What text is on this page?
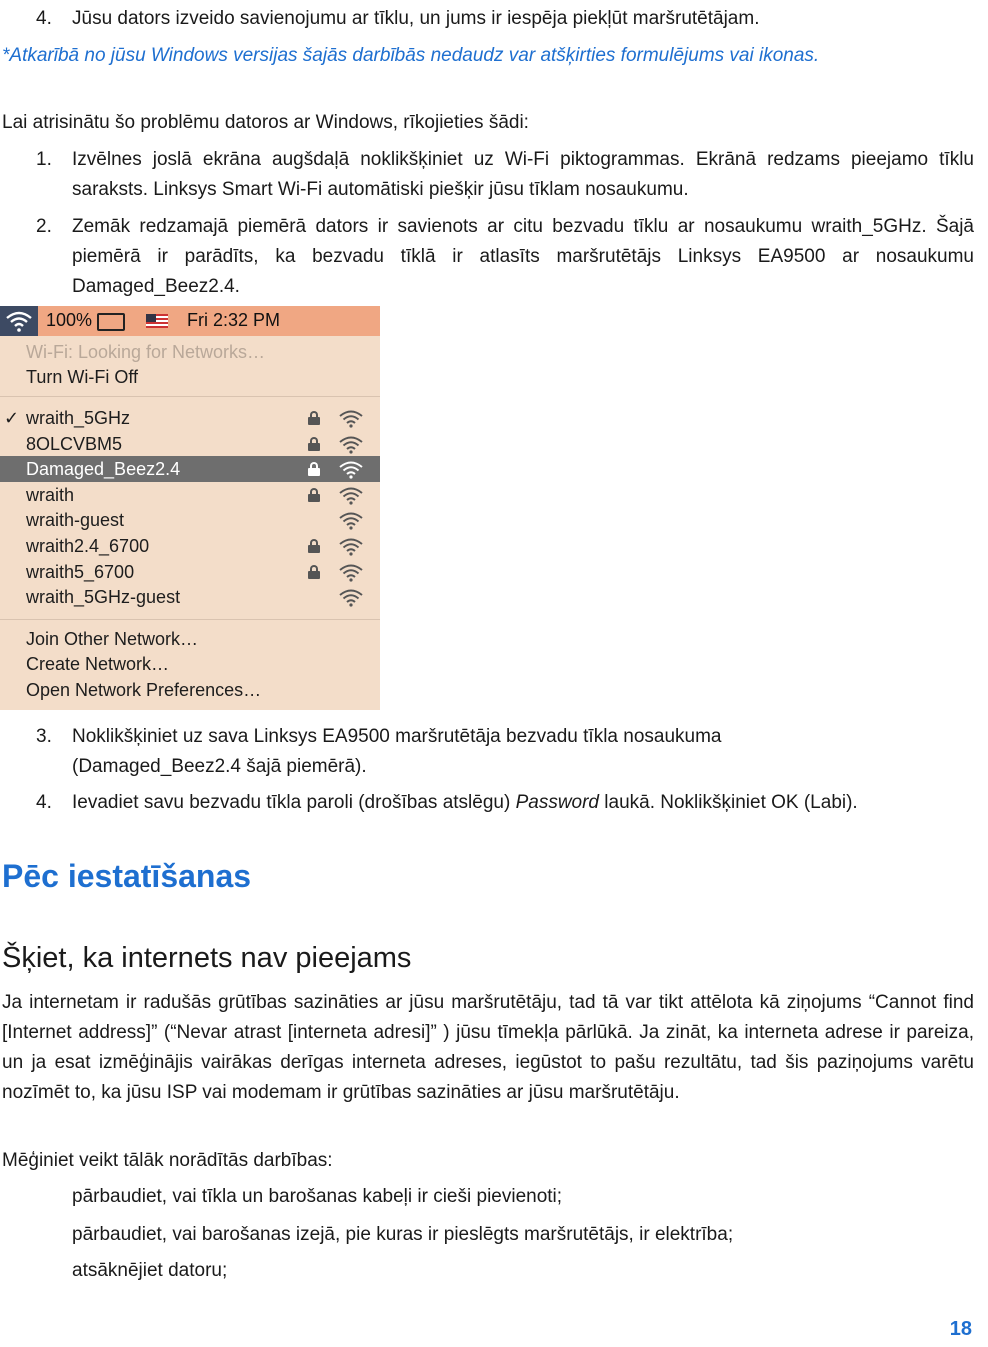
4.	Jūsu dators izveido savienojumu ar tīklu, un jums ir iespēja piekļūt maršrutētājam.
*Atkarībā no jūsu Windows versijas šajās darbībās nedaudz var atšķirties formulējums vai ikonas.
Lai atrisinātu šo problēmu datoros ar Windows, rīkojieties šādi:
1.	Izvēlnes joslā ekrāna augšdaļā noklikšķiniet uz Wi-Fi piktogrammas. Ekrānā redzams pieejamo tīklu saraksts. Linksys Smart Wi-Fi automātiski piešķir jūsu tīklam nosaukumu.
2.	Zemāk redzamajā piemērā dators ir savienots ar citu bezvadu tīklu ar nosaukumu wraith_5GHz. Šajā piemērā ir parādīts, ka bezvadu tīklā ir atlasīts maršrutētājs Linksys EA9500 ar nosaukumu Damaged_Beez2.4.
100%	Fri 2:32 PM
Wi-Fi: Looking for Networks…
Turn Wi-Fi Off
✓ wraith_5GHz
8OLCVBM5
Damaged_Beez2.4
wraith
wraith-guest
wraith2.4_6700
wraith5_6700
wraith_5GHz-guest
Join Other Network…
Create Network…
Open Network Preferences…
3.	Noklikšķiniet uz sava Linksys EA9500 maršrutētāja bezvadu tīkla nosaukuma (Damaged_Beez2.4 šajā piemērā).
4.	Ievadiet savu bezvadu tīkla paroli (drošības atslēgu) Password laukā. Noklikšķiniet OK (Labi).
Pēc iestatīšanas
Šķiet, ka internets nav pieejams
Ja internetam ir radušās grūtības sazināties ar jūsu maršrutētāju, tad tā var tikt attēlota kā ziņojums “Cannot find [Internet address]” (“Nevar atrast [interneta adresi]” ) jūsu tīmekļa pārlūkā. Ja zināt, ka interneta adrese ir pareiza, un ja esat izmēģinājis vairākas derīgas interneta adreses, iegūstot to pašu rezultātu, tad šis paziņojums varētu nozīmēt to, ka jūsu ISP vai modemam ir grūtības sazināties ar jūsu maršrutētāju.
Mēģiniet veikt tālāk norādītās darbības:
pārbaudiet, vai tīkla un barošanas kabeļi ir cieši pievienoti;
pārbaudiet, vai barošanas izejā, pie kuras ir pieslēgts maršrutētājs, ir elektrība;
atsāknējiet datoru;
18
